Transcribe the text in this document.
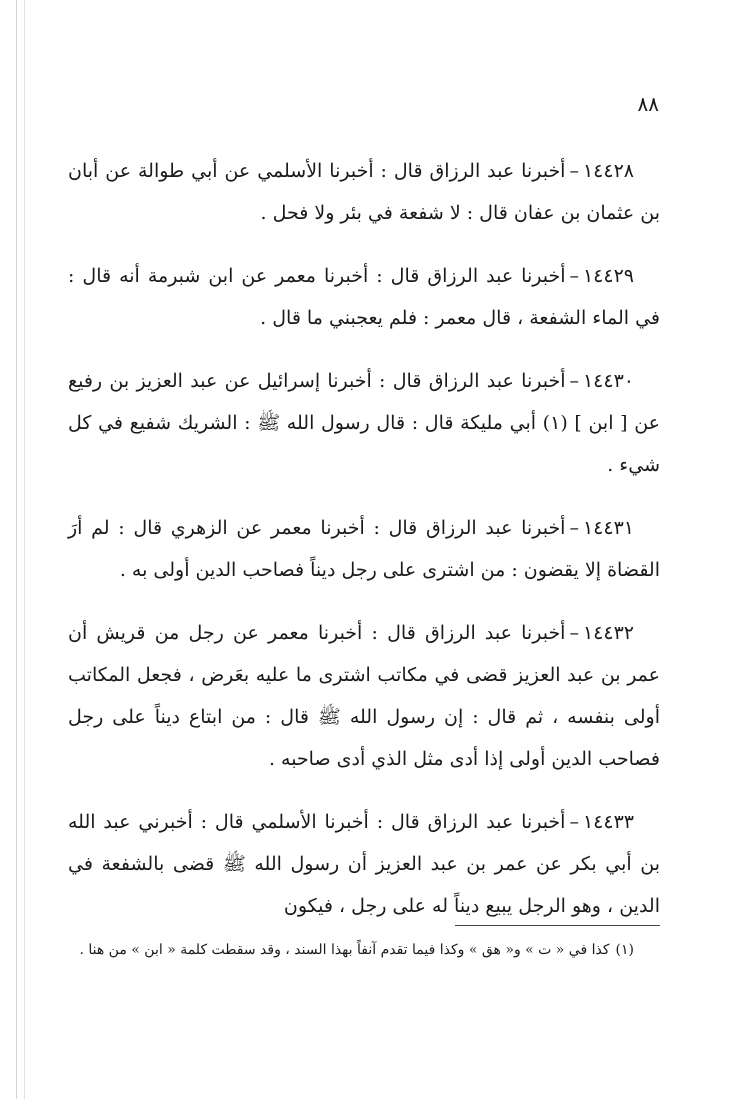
٨٨

١٤٤٢٨–أخبرنا عبد الرزاق قال : أخبرنا الأسلمي عن أبي طوالة عن أبان بن عثمان بن عفان قال : لا شفعة في بئر ولا فحل .

١٤٤٢٩–أخبرنا عبد الرزاق قال : أخبرنا معمر عن ابن شبرمة أنه قال : في الماء الشفعة ، قال معمر : فلم يعجبني ما قال .

١٤٤٣٠–أخبرنا عبد الرزاق قال : أخبرنا إسرائيل عن عبد العزيز بن رفيع عن [ ابن ] (١) أبي مليكة قال : قال رسول الله ﷺ : الشريك شفيع في كل شيء .

١٤٤٣١–أخبرنا عبد الرزاق قال : أخبرنا معمر عن الزهري قال : لم أرَ القضاة إلا يقضون : من اشترى على رجل ديناً فصاحب الدين أولى به .

١٤٤٣٢–أخبرنا عبد الرزاق قال : أخبرنا معمر عن رجل من قريش أن عمر بن عبد العزيز قضى في مكاتب اشترى ما عليه بعَرض ، فجعل المكاتب أولى بنفسه ، ثم قال : إن رسول الله ﷺ قال : من ابتاع ديناً على رجل فصاحب الدين أولى إذا أدى مثل الذي أدى صاحبه .

١٤٤٣٣–أخبرنا عبد الرزاق قال : أخبرنا الأسلمي قال : أخبرني عبد الله بن أبي بكر عن عمر بن عبد العزيز أن رسول الله ﷺ قضى بالشفعة في الدين ، وهو الرجل يبيع ديناً له على رجل ، فيكون

(١)كذا في « ت » و« هق » وكذا فيما تقدم آنفاً بهذا السند ، وقد سقطت كلمة « ابن » من هنا .
